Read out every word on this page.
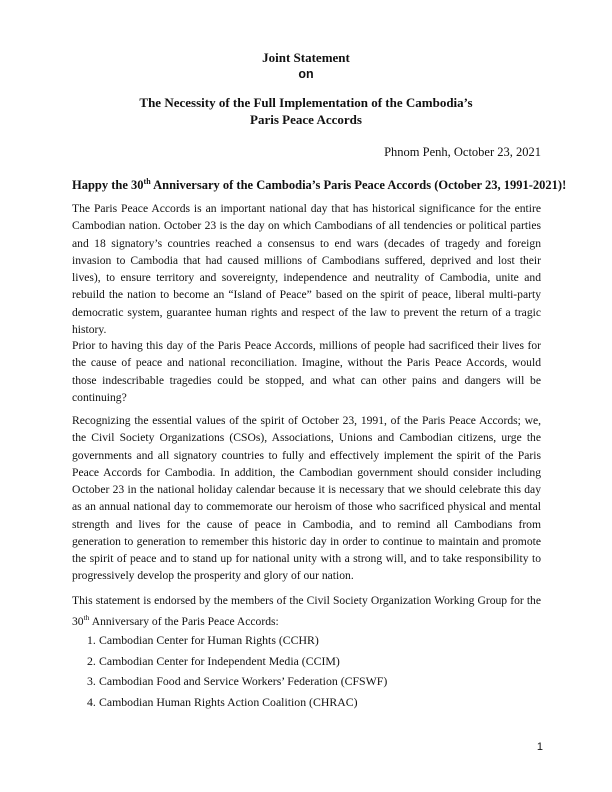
Joint Statement
on
The Necessity of the Full Implementation of the Cambodia’s
Paris Peace Accords
Phnom Penh, October 23, 2021
Happy the 30th Anniversary of the Cambodia’s Paris Peace Accords (October 23, 1991-2021)!

The Paris Peace Accords is an important national day that has historical significance for the entire Cambodian nation. October 23 is the day on which Cambodians of all tendencies or political parties and 18 signatory’s countries reached a consensus to end wars (decades of tragedy and foreign invasion to Cambodia that had caused millions of Cambodians suffered, deprived and lost their lives), to ensure territory and sovereignty, independence and neutrality of Cambodia, unite and rebuild the nation to become an “Island of Peace” based on the spirit of peace, liberal multi-party democratic system, guarantee human rights and respect of the law to prevent the return of a tragic history.

Prior to having this day of the Paris Peace Accords, millions of people had sacrificed their lives for the cause of peace and national reconciliation. Imagine, without the Paris Peace Accords, would those indescribable tragedies could be stopped, and what can other pains and dangers will be continuing?

Recognizing the essential values of the spirit of October 23, 1991, of the Paris Peace Accords; we, the Civil Society Organizations (CSOs), Associations, Unions and Cambodian citizens, urge the governments and all signatory countries to fully and effectively implement the spirit of the Paris Peace Accords for Cambodia. In addition, the Cambodian government should consider including October 23 in the national holiday calendar because it is necessary that we should celebrate this day as an annual national day to commemorate our heroism of those who sacrificed physical and mental strength and lives for the cause of peace in Cambodia, and to remind all Cambodians from generation to generation to remember this historic day in order to continue to maintain and promote the spirit of peace and to stand up for national unity with a strong will, and to take responsibility to progressively develop the prosperity and glory of our nation.

This statement is endorsed by the members of the Civil Society Organization Working Group for the 30th Anniversary of the Paris Peace Accords:

1. Cambodian Center for Human Rights (CCHR)
2. Cambodian Center for Independent Media (CCIM)
3. Cambodian Food and Service Workers’ Federation (CFSWF)
4. Cambodian Human Rights Action Coalition (CHRAC)
1
